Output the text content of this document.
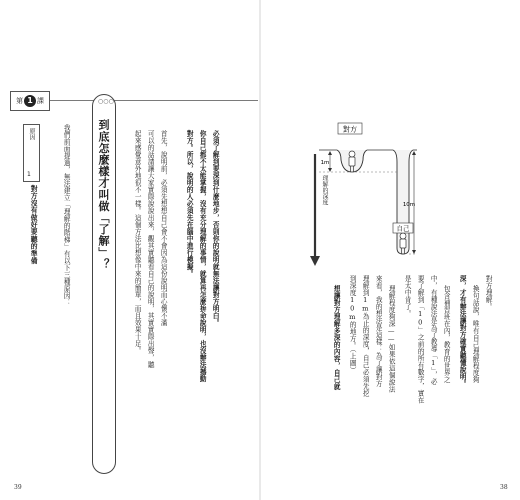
第 1 課
原因
1
對方沒有做好要聽的準備	我們前面提過，無法建立「理解的階梯」有以下三種原因：
○○○
到底怎麼樣才叫做「了解」？	起來感覺意外地很不一樣。這個方法比想像中來的簡單，而且效果十足。 可以的話請讓大家實際說說出來，觀其實聽看自己的說明，其實實際出聲，聽 首先，說明前，必須先想想自己會不會因為這份說明而心懷不滿	對方。所以，說明的人必須先在腦中進行模擬。 你自己都不太能掌握，沒有充分理解的事情，就算再怎麼拚命說明，也沒辦法撼動 必須了解到要深到什麼地步，否則你的說明就無法讓對方明白。
39	38
對方
自己
1m
10m
理解的深度
對方理解。
換句話說，唯有自己理解程度夠
深，才有辦法讓對方確實聽懂說明。
包含補習班在內，教育的世界之
中，有種說法是為了教導「1」，必
要了解到「10」之前的所有數字，實在
是太中肯了。
理解程度夠深——如果依這個說法
來看，我的想法是這樣：為了讓對方
理解到1m為止的深度，自己必須先挖
到深度10m的地方。（上圖）
想讓對方理解多深的內容，自己就
